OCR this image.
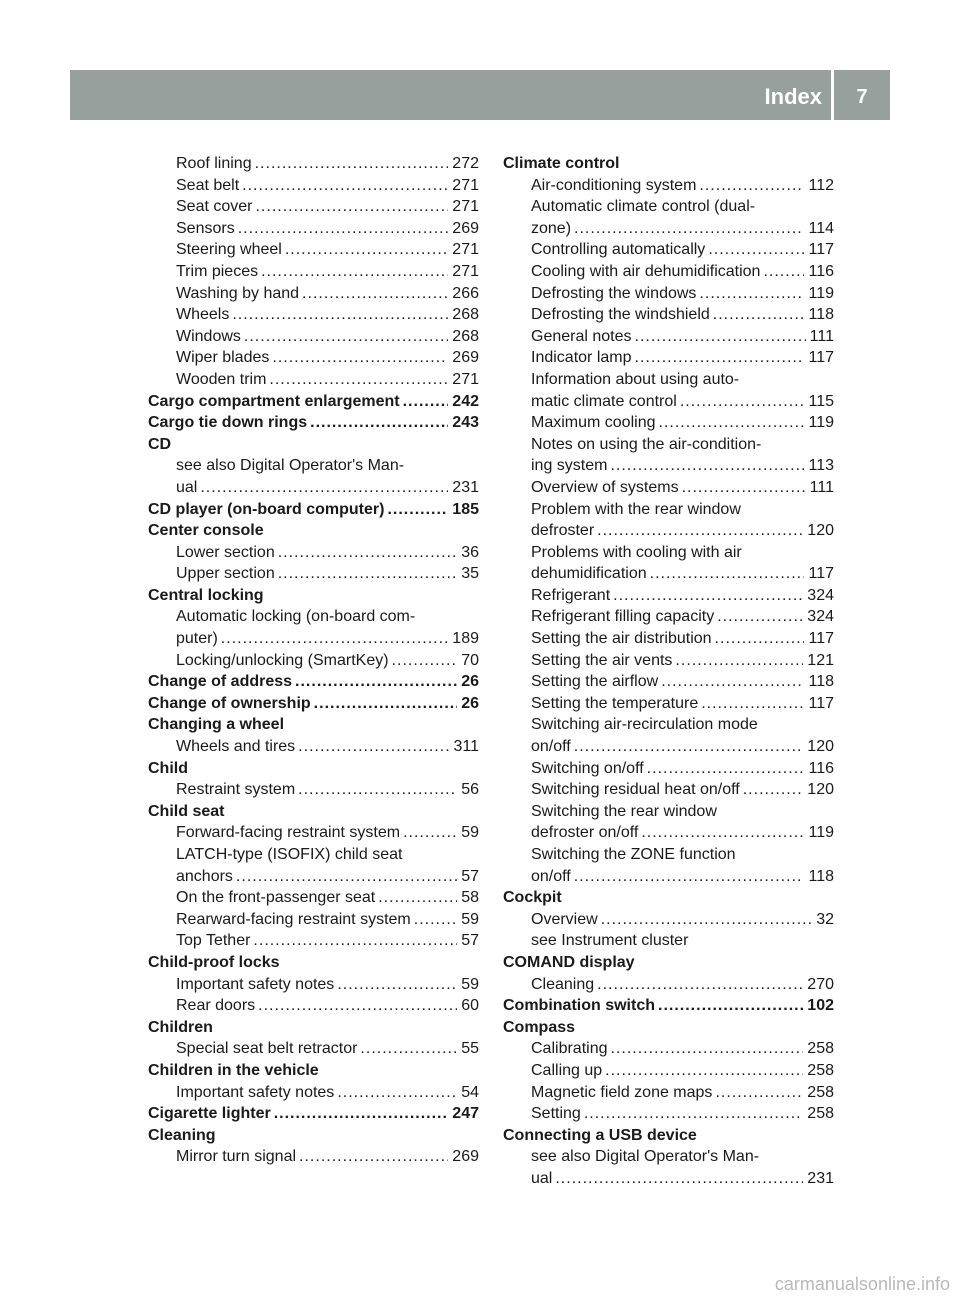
Index	7
Roof lining .....	272
Seat belt .....	271
Seat cover .....	271
Sensors .....	269
Steering wheel .....	271
Trim pieces .....	271
Washing by hand .....	266
Wheels .....	268
Windows .....	268
Wiper blades .....	269
Wooden trim .....	271
Cargo compartment enlargement .....	242
Cargo tie down rings .....	243
CD
see also Digital Operator's Man-
ual .....	231
CD player (on-board computer) .....	185
Center console
Lower section .....	36
Upper section .....	35
Central locking
Automatic locking (on-board com-
puter) .....	189
Locking/unlocking (SmartKey) .....	70
Change of address .....	26
Change of ownership .....	26
Changing a wheel
Wheels and tires .....	311
Child
Restraint system .....	56
Child seat
Forward-facing restraint system .....	59
LATCH-type (ISOFIX) child seat
anchors .....	57
On the front-passenger seat .....	58
Rearward-facing restraint system .....	59
Top Tether .....	57
Child-proof locks
Important safety notes .....	59
Rear doors .....	60
Children
Special seat belt retractor .....	55
Children in the vehicle
Important safety notes .....	54
Cigarette lighter .....	247
Cleaning
Mirror turn signal .....	269
Climate control
Air-conditioning system .....	112
Automatic climate control (dual-
zone) .....	114
Controlling automatically .....	117
Cooling with air dehumidification .....	116
Defrosting the windows .....	119
Defrosting the windshield .....	118
General notes .....	111
Indicator lamp .....	117
Information about using auto-
matic climate control .....	115
Maximum cooling .....	119
Notes on using the air-condition-
ing system .....	113
Overview of systems .....	111
Problem with the rear window
defroster .....	120
Problems with cooling with air
dehumidification .....	117
Refrigerant .....	324
Refrigerant filling capacity .....	324
Setting the air distribution .....	117
Setting the air vents .....	121
Setting the airflow .....	118
Setting the temperature .....	117
Switching air-recirculation mode
on/off .....	120
Switching on/off .....	116
Switching residual heat on/off .....	120
Switching the rear window
defroster on/off .....	119
Switching the ZONE function
on/off .....	118
Cockpit
Overview .....	32
see Instrument cluster
COMAND display
Cleaning .....	270
Combination switch .....	102
Compass
Calibrating .....	258
Calling up .....	258
Magnetic field zone maps .....	258
Setting .....	258
Connecting a USB device
see also Digital Operator's Man-
ual .....	231
carmanualsonline.info
